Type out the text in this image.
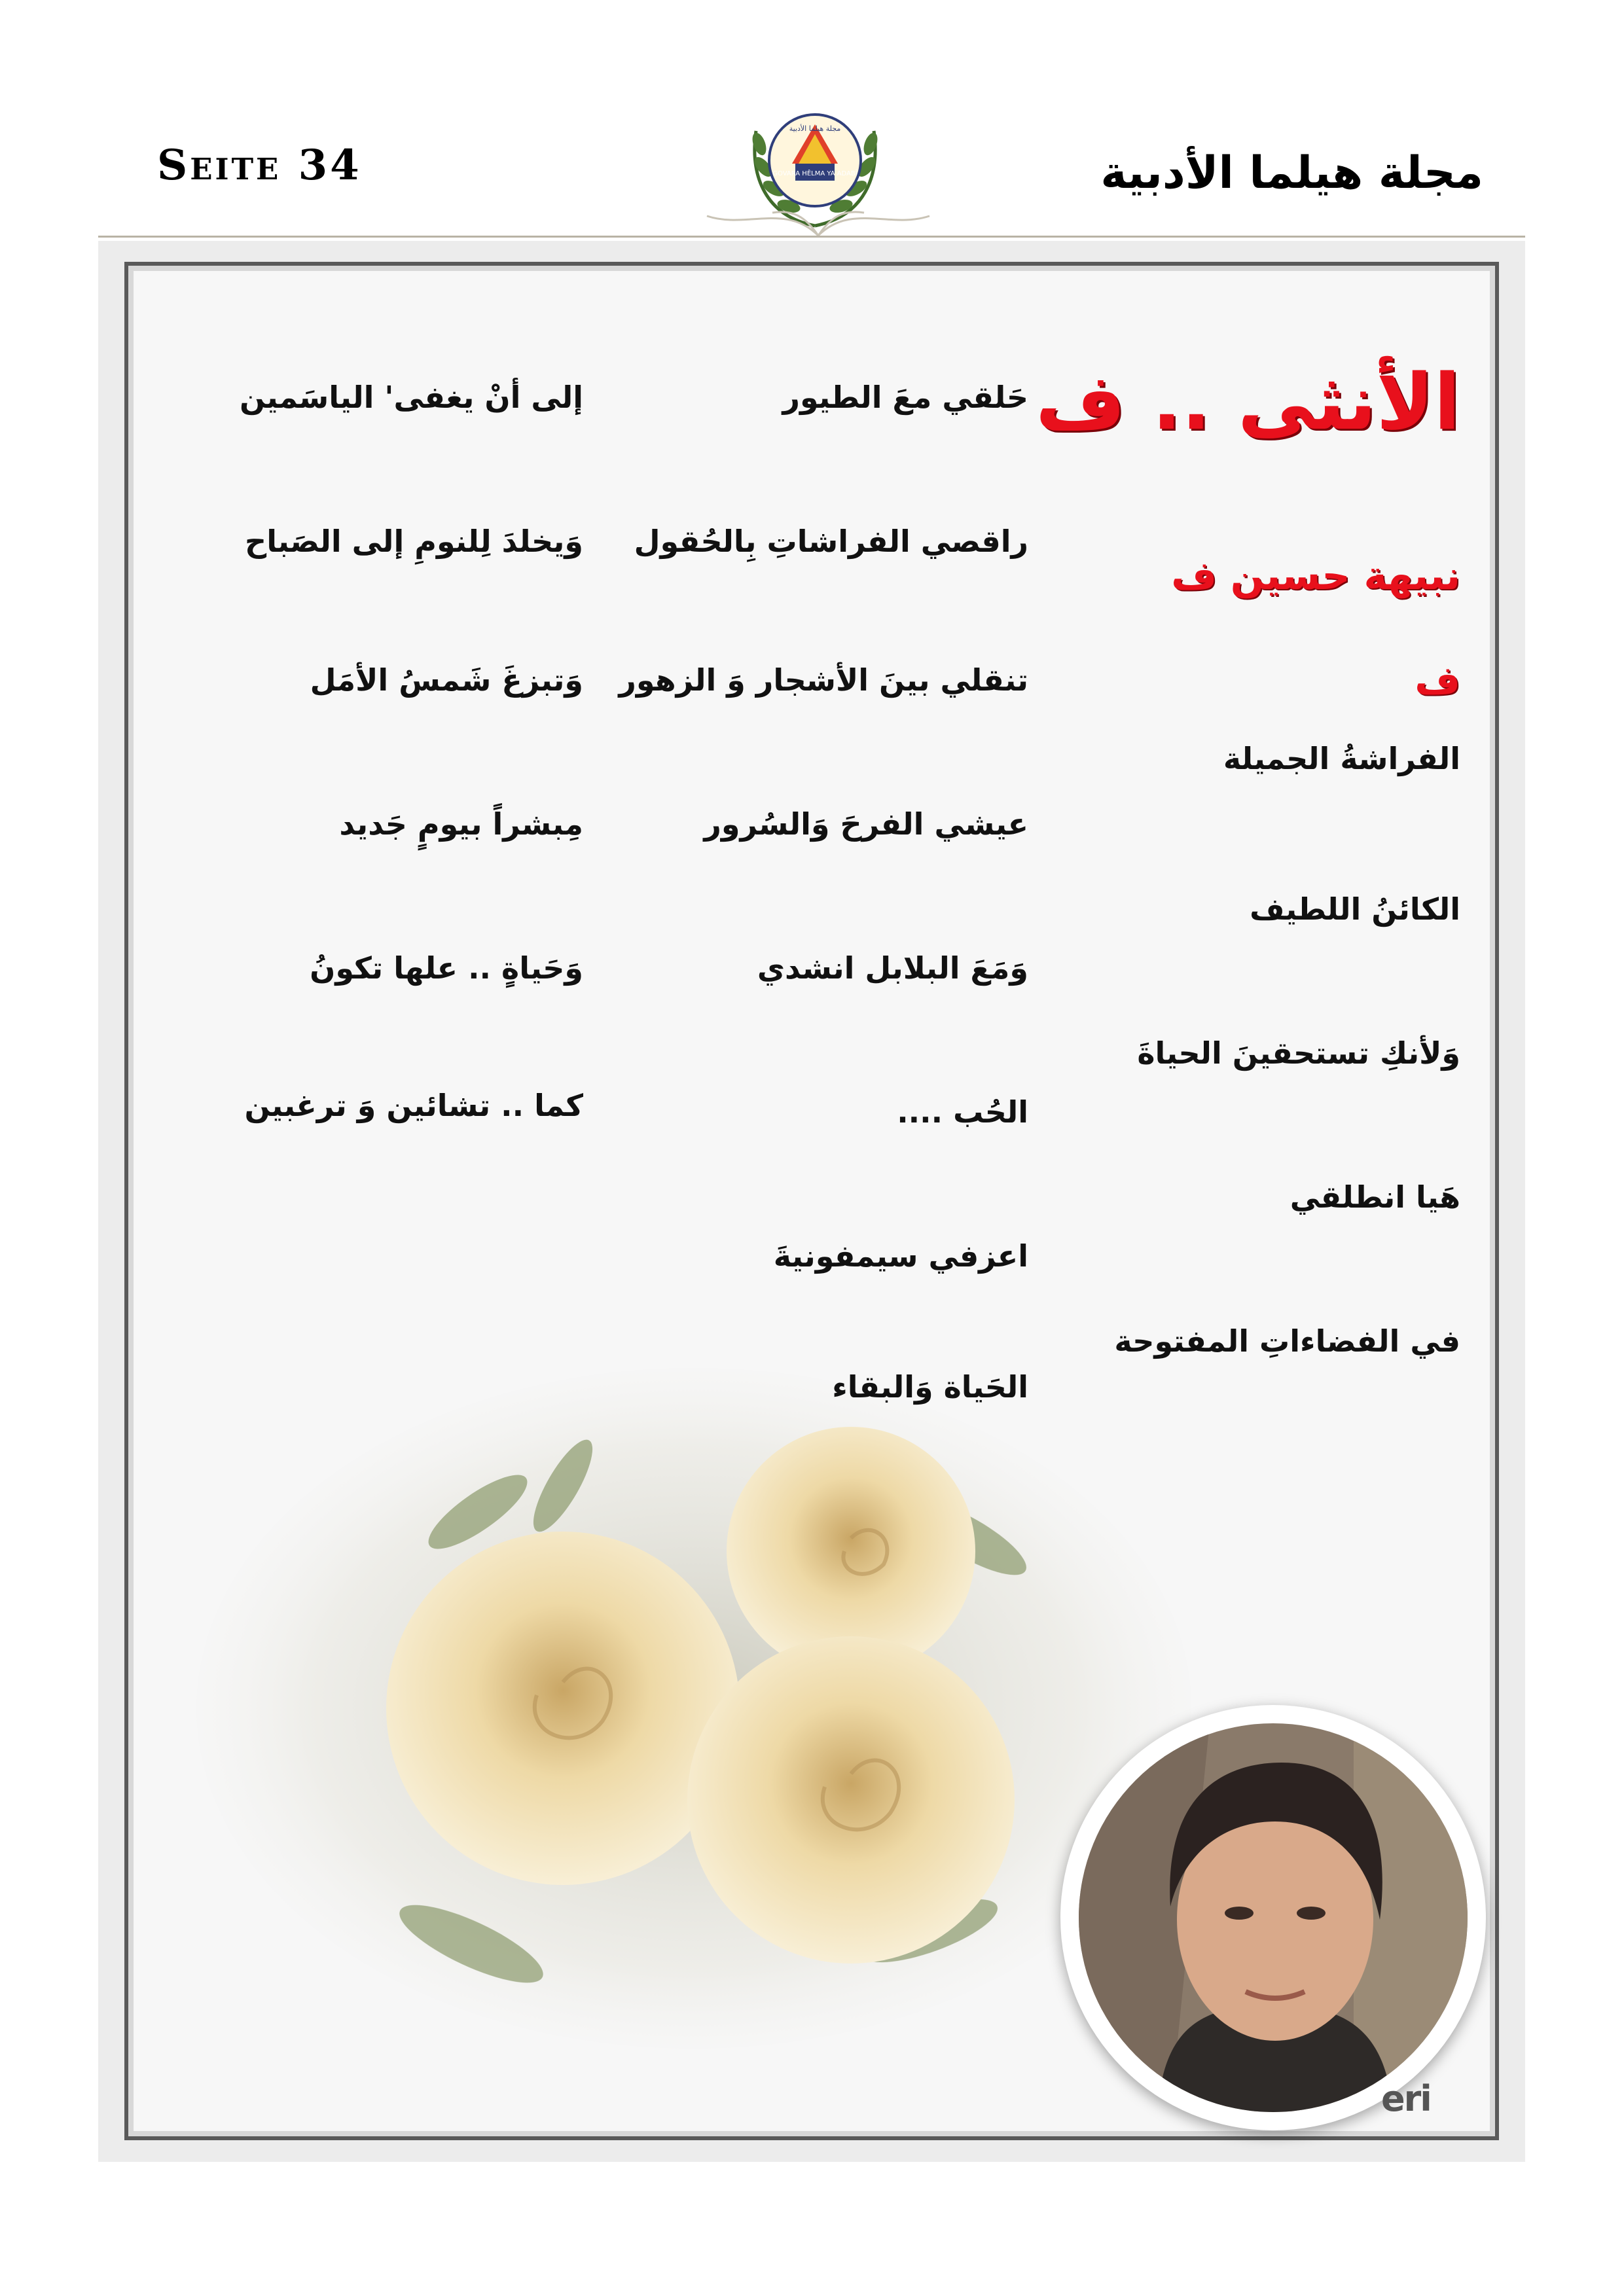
Seite 34	GOVARA HÊLMA YA ADABÎ
مجلة هيلما الأدبية
مجلة هيلما الأدبية
الأنثى .. ف
نبيهة حسين ف
ف
الفراشةُ الجميلة
الكائنُ اللطيف
وَلأنكِ تستحقينَ الحياةَ
هَيا انطلقي
في الفضاءاتِ المفتوحة
حَلقي معَ الطيور
راقصي الفراشاتِ بِالحُقول
تنقلي بينَ الأشجار وَ الزهور
عيشي الفرحَ وَالسُرور
وَمَعَ البلابل انشدي
الحُب ....
اعزفي سيمفونيةَ
الحَياة وَالبقاء
إلى أنْ يغفى' الياسَمين
وَيخلدَ لِلنومِ إلى الصَباح
وَتبزغَ شَمسُ الأمَل
مِبشراً بيومٍ جَديد
وَحَياةٍ .. علها تكونُ
كما .. تشائين وَ ترغبين
eri
